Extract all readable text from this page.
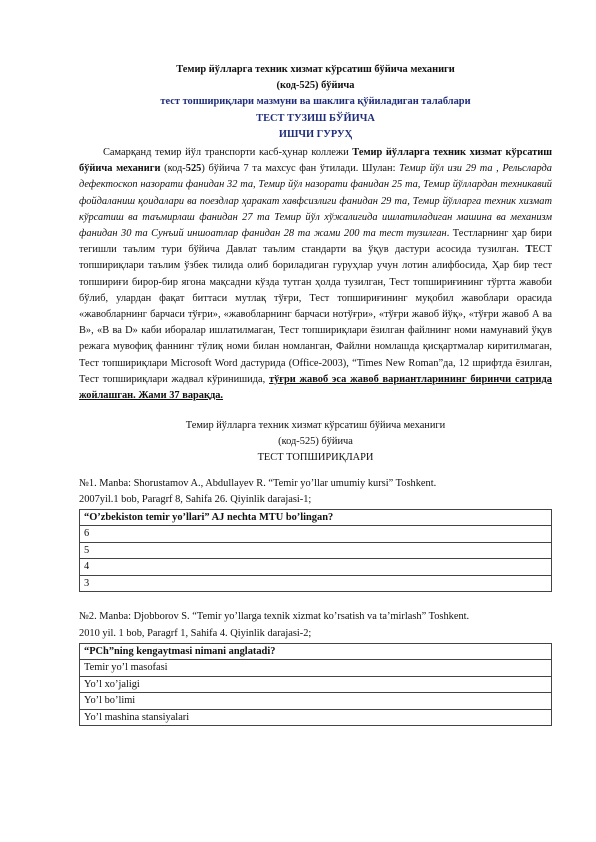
Темир йўлларга техник хизмат кўрсатиш бўйича механиги
(код-525) бўйича
тест топшириқлари мазмуни ва шаклига қўйиладиган талаблари
ТЕСТ ТУЗИШ БЎЙИЧА
ИШЧИ ГУРУҲ
Самарқанд темир йўл транспорти касб-ҳунар коллежи Темир йўлларга техник хизмат кўрсатиш бўйича механиги (код-525) бўйича 7 та махсус фан ўтилади. Шулан: Темир йўл изи 29 та , Рельсларда дефектоскоп назорати фанидан 32 та, Темир йўл назорати фанидан 25 та, Темир йўллардан техникавий фойдаланиш қоидалари ва поездлар ҳаракат хавфсизлиги фанидан 29 та, Темир йўлларга техник хизмат кўрсатиш ва таъмирлаш фанидан 27 та Темир йўл хўжалигида ишлатиладиган машина ва механизм фанидан 30 та Сунъий иншоатлар фанидан 28 та жами 200 та тест тузилган. Тестларнинг ҳар бири тегишли таълим тури бўйича Давлат таълим стандарти ва ўқув дастури асосида тузилган. ТЕСТ топшириқлари таълим ўзбек тилида олиб бориладиган гуруҳлар учун лотин алифбосида, Ҳар бир тест топшириғи бирор-бир ягона мақсадни кўзда тутган ҳолда тузилган, Тест топшириғининг тўртта жавоби бўлиб, улардан фақат биттаси мутлақ тўғри, Тест топшириғининг муқобил жавоблари орасида «жавобларнинг барчаси тўғри», «жавобларнинг барчаси нотўғри», «тўғри жавоб йўқ», «тўғри жавоб А ва В», «В ва D» каби иборалар ишлатилмаган, Тест топшириқлари ёзилган файлнинг номи намунавий ўқув режага мувофиқ фаннинг тўлиқ номи билан номланган, Файлни номлашда қисқартмалар киритилмаган, Тест топшириқлари Microsoft Word дастурида (Office-2003), “Times New Roman”да, 12 шрифтда ёзилган, Тест топшириқлари жадвал кўринишида, тўғри жавоб эса жавоб вариантларининг биринчи сатрида жойлашган. Жами 37 варақда.
Темир йўлларга техник хизмат кўрсатиш бўйича механиги
(код-525) бўйича
ТЕСТ ТОПШИРИҚЛАРИ
№1. Manba: Shorustamov A., Abdullayev R. “Temir yo’llar umumiy kursi” Toshkent.
2007yil.1 bob, Paragrf 8, Sahifa 26. Qiyinlik darajasi-1;
“O’zbekiston temir yo’llari” AJ nechta MTU bo’lingan?
6
5
4
3
№2. Manba: Djobborov S. “Temir yo’llarga texnik xizmat ko’rsatish va ta’mirlash” Toshkent.
2010 yil. 1 bob, Paragrf 1, Sahifa 4. Qiyinlik darajasi-2;
“PCh”ning kengaytmasi nimani anglatadi?
Temir yo’l masofasi
Yo’l xo’jaligi
Yo’l bo’limi
Yo’l mashina stansiyalari
